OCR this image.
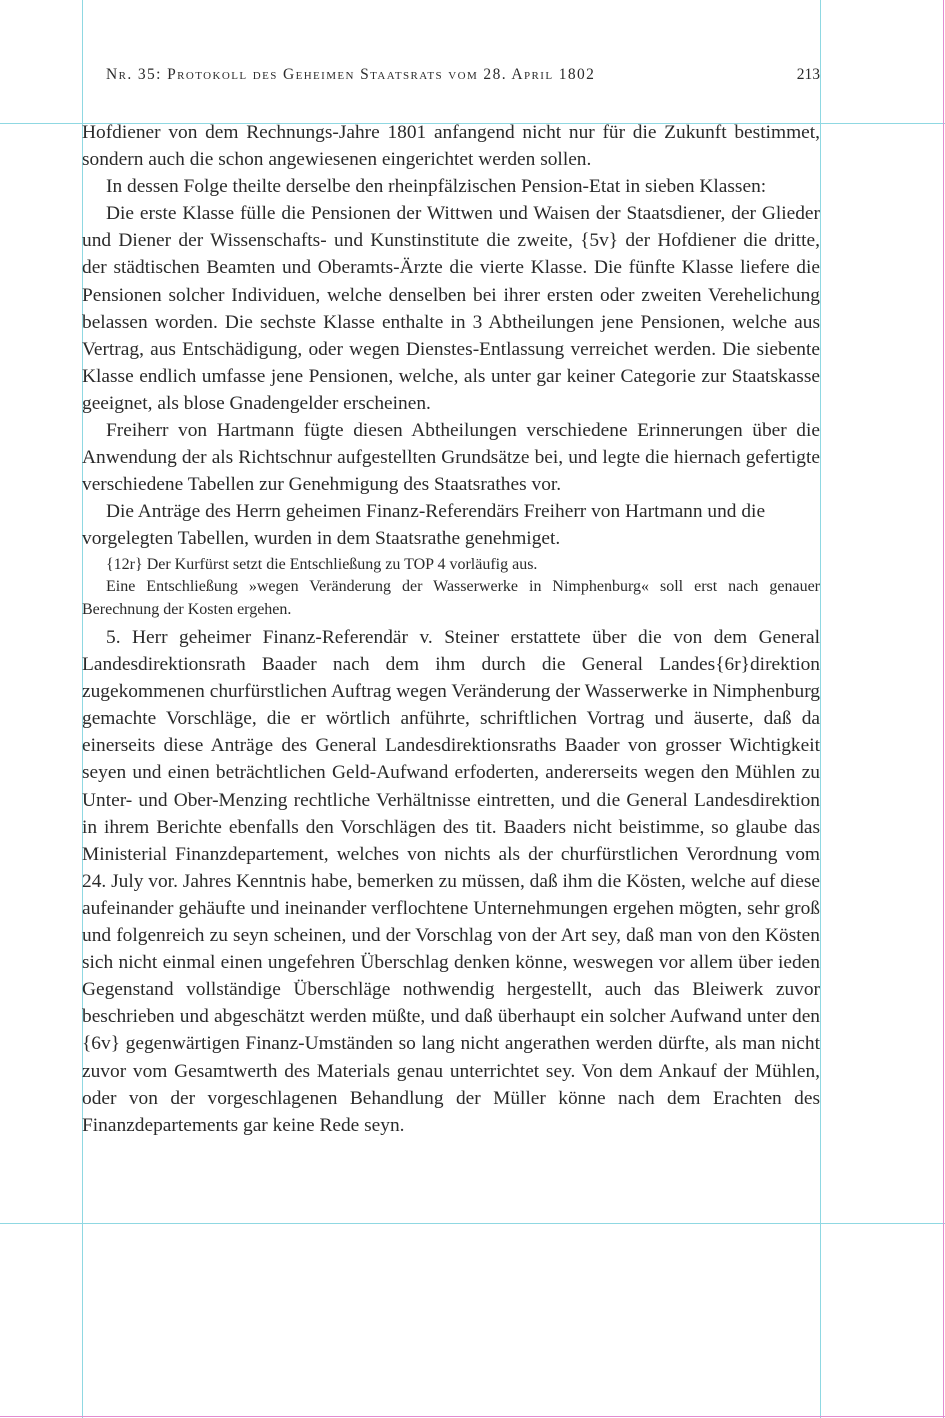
Nr. 35: Protokoll des Geheimen Staatsrats vom 28. April 1802	213

Hofdiener von dem Rechnungs-Jahre 1801 anfangend nicht nur für die Zukunft bestimmet, sondern auch die schon angewiesenen eingerichtet werden sollen.

In dessen Folge theilte derselbe den rheinpfälzischen Pension-Etat in sieben Klassen:

Die erste Klasse fülle die Pensionen der Wittwen und Waisen der Staatsdiener, der Glieder und Diener der Wissenschafts- und Kunstinstitute die zweite, {5v} der Hofdiener die dritte, der städtischen Beamten und Oberamts-Ärzte die vierte Klasse. Die fünfte Klasse liefere die Pensionen solcher Individuen, welche denselben bei ihrer ersten oder zweiten Verehelichung belassen worden. Die sechste Klasse enthalte in 3 Abtheilungen jene Pensionen, welche aus Vertrag, aus Entschädigung, oder wegen Dienstes-Entlassung verreichet werden. Die siebente Klasse endlich umfasse jene Pensionen, welche, als unter gar keiner Categorie zur Staatskasse geeignet, als blose Gnadengelder erscheinen.

Freiherr von Hartmann fügte diesen Abtheilungen verschiedene Erinnerungen über die Anwendung der als Richtschnur aufgestellten Grundsätze bei, und legte die hiernach gefertigte verschiedene Tabellen zur Genehmigung des Staatsrathes vor.

Die Anträge des Herrn geheimen Finanz-Referendärs Freiherr von Hartmann und die vorgelegten Tabellen, wurden in dem Staatsrathe genehmiget.

{12r} Der Kurfürst setzt die Entschließung zu TOP 4 vorläufig aus.

Eine Entschließung »wegen Veränderung der Wasserwerke in Nimphenburg« soll erst nach genauer Berechnung der Kosten ergehen.

5. Herr geheimer Finanz-Referendär v. Steiner erstattete über die von dem General Landesdirektionsrath Baader nach dem ihm durch die General Landes{6r}direktion zugekommenen churfürstlichen Auftrag wegen Veränderung der Wasserwerke in Nimphenburg gemachte Vorschläge, die er wörtlich anführte, schriftlichen Vortrag und äuserte, daß da einerseits diese Anträge des General Landesdirektionsraths Baader von grosser Wichtigkeit seyen und einen beträchtlichen Geld-Aufwand erfoderten, andererseits wegen den Mühlen zu Unter- und Ober-Menzing rechtliche Verhältnisse eintretten, und die General Landesdirektion in ihrem Berichte ebenfalls den Vorschlägen des tit. Baaders nicht beistimme, so glaube das Ministerial Finanzdepartement, welches von nichts als der churfürstlichen Verordnung vom 24. July vor. Jahres Kenntnis habe, bemerken zu müssen, daß ihm die Kösten, welche auf diese aufeinander gehäufte und ineinander verflochtene Unternehmungen ergehen mögten, sehr groß und folgenreich zu seyn scheinen, und der Vorschlag von der Art sey, daß man von den Kösten sich nicht einmal einen ungefehren Überschlag denken könne, weswegen vor allem über ieden Gegenstand vollständige Überschläge nothwendig hergestellt, auch das Bleiwerk zuvor beschrieben und abgeschätzt werden müßte, und daß überhaupt ein solcher Aufwand unter den {6v} gegenwärtigen Finanz-Umständen so lang nicht angerathen werden dürfte, als man nicht zuvor vom Gesamtwerth des Materials genau unterrichtet sey. Von dem Ankauf der Mühlen, oder von der vorgeschlagenen Behandlung der Müller könne nach dem Erachten des Finanzdepartements gar keine Rede seyn.
